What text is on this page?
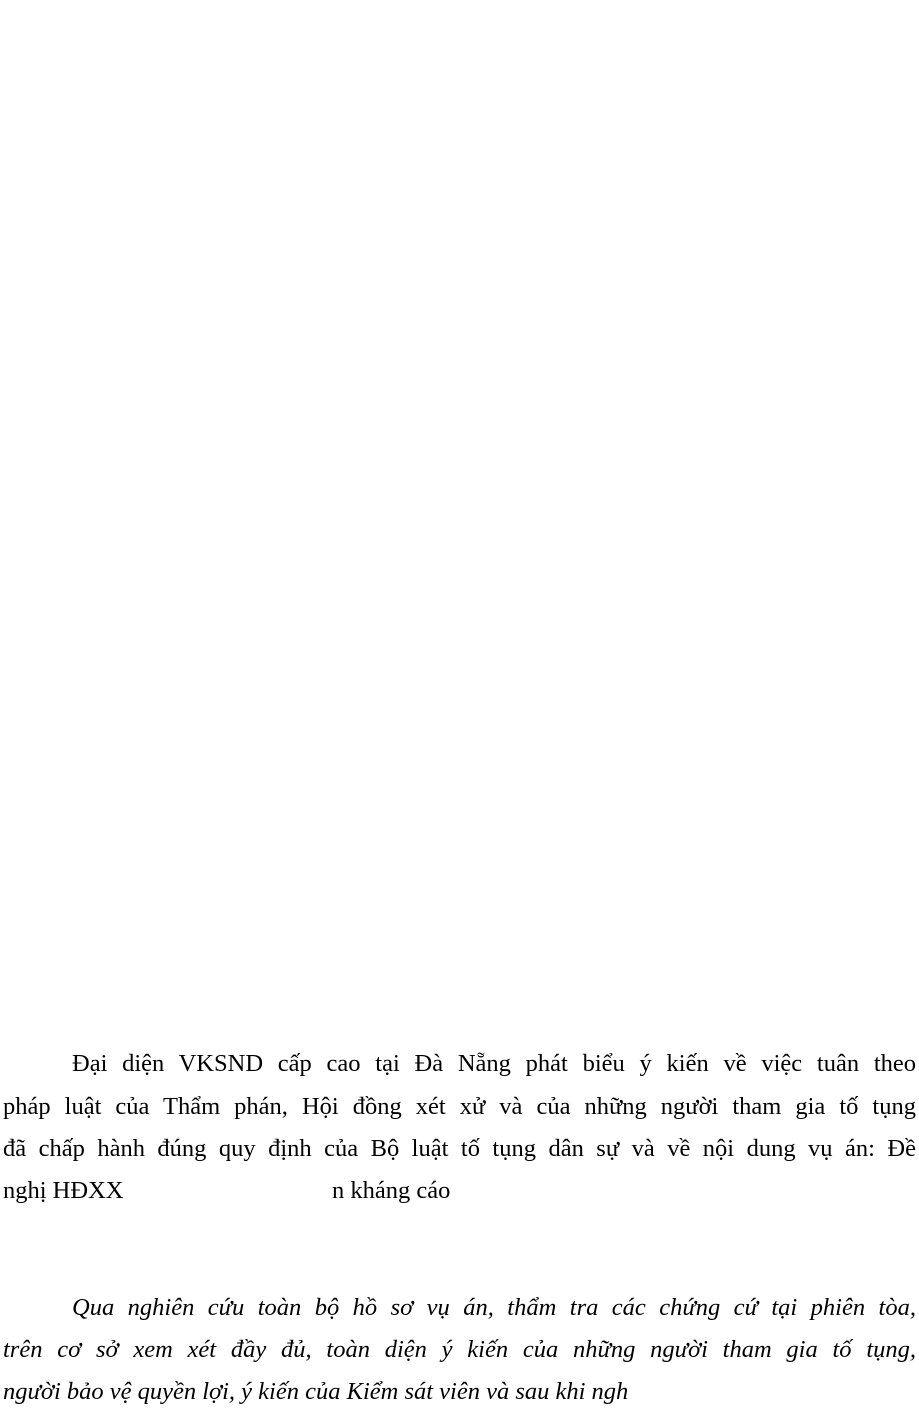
Đại diện VKSND cấp cao tại Đà Nẵng phát biểu ý kiến về việc tuân theo
pháp luật của Thẩm phán, Hội đồng xét xử và của những người tham gia tố tụng
đã chấp hành đúng quy định của Bộ luật tố tụng dân sự và về nội dung vụ án: Đề
nghị HĐXX	n kháng cáo
Qua nghiên cứu toàn bộ hồ sơ vụ án, thẩm tra các chứng cứ tại phiên tòa,
trên cơ sở xem xét đầy đủ, toàn diện ý kiến của những người tham gia tố tụng,
người bảo vệ quyền lợi, ý kiến của Kiểm sát viên và sau khi ngh
